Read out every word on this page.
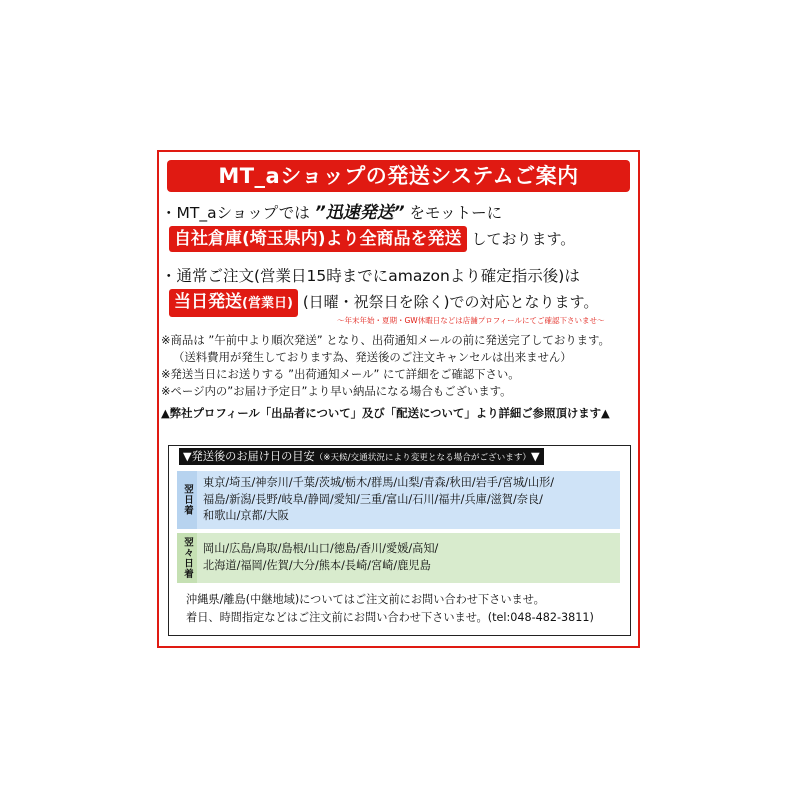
MT_aショップの発送システムご案内
・MT_aショップでは ”迅速発送” をモットーに
自社倉庫(埼玉県内)より全商品を発送 しております。
・通常ご注文(営業日15時までにamazonより確定指示後)は
当日発送(営業日) (日曜・祝祭日を除く)での対応となります。
～年末年始・夏期・GW休暇日などは店舗プロフィールにてご確認下さいませ～
※商品は ”午前中より順次発送” となり、出荷通知メールの前に発送完了しております。
（送料費用が発生しております為、発送後のご注文キャンセルは出来ません）
※発送当日にお送りする ”出荷通知メール” にて詳細をご確認下さい。
※ページ内の”お届け予定日”より早い納品になる場合もございます。
▲弊社プロフィール「出品者について」及び「配送について」より詳細ご参照頂けます▲
▼発送後のお届け日の目安（※天候/交通状況により変更となる場合がございます）▼
翌日着
東京/埼玉/神奈川/千葉/茨城/栃木/群馬/山梨/青森/秋田/岩手/宮城/山形/
福島/新潟/長野/岐阜/静岡/愛知/三重/富山/石川/福井/兵庫/滋賀/奈良/
和歌山/京都/大阪
翌々日着 岡山/広島/鳥取/島根/山口/徳島/香川/愛媛/高知/
北海道/福岡/佐賀/大分/熊本/長崎/宮崎/鹿児島
沖縄県/離島(中継地域)についてはご注文前にお問い合わせ下さいませ。
着日、時間指定などはご注文前にお問い合わせ下さいませ。(tel:048-482-3811)
